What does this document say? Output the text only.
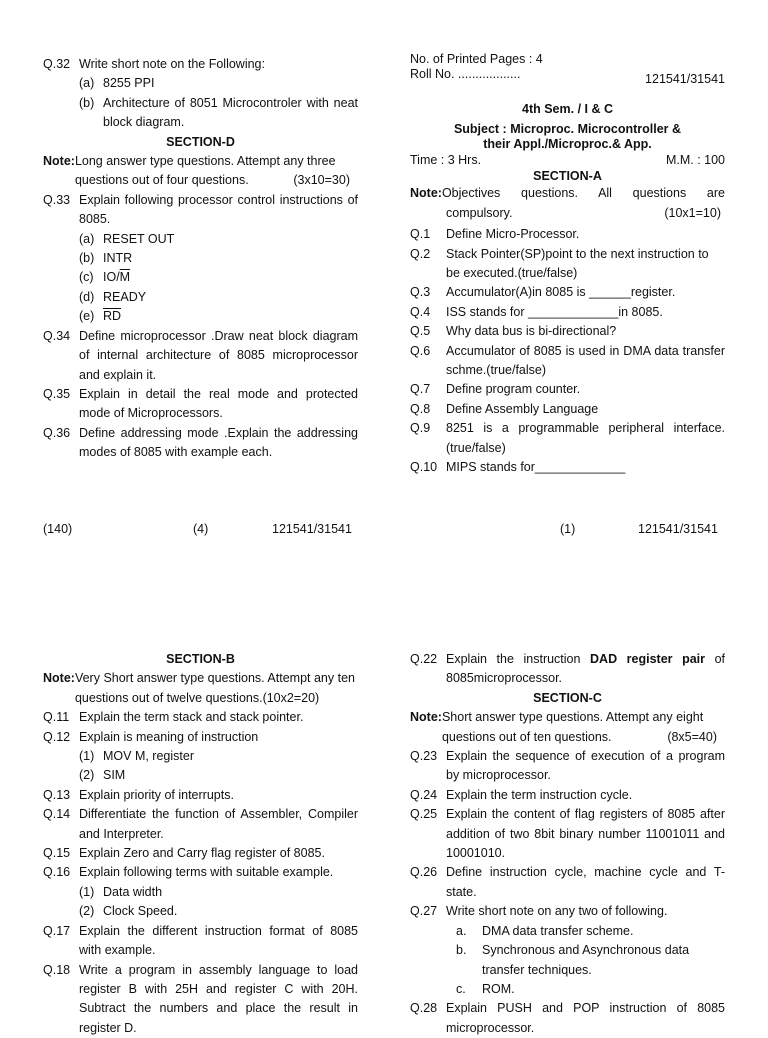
Q.32 Write short note on the Following:
(a) 8255 PPI
(b) Architecture of 8051 Microcontroler with neat block diagram.
SECTION-D
Note: Long answer type questions. Attempt any three questions out of four questions.	(3x10=30)
Q.33 Explain following processor control instructions of 8085.
(a) RESET OUT
(b) INTR
(c) $IO/\overline{M}$
(d) READY
(e) $\overline{RD}$
Q.34 Define microprocessor .Draw neat block diagram of internal architecture of 8085 microprocessor and explain it.
Q.35 Explain in detail the real mode and protected mode of Microprocessors.
Q.36 Define addressing mode .Explain the addressing modes of 8085 with example each.
(140)	(4)	121541/31541
No. of Printed Pages : 4
Roll No. ..................	121541/31541
4th Sem. / I & C
Subject : Microproc. Microcontroller &
their Appl./Microproc.& App.
Time : 3 Hrs.	M.M. : 100
SECTION-A
Note: Objectives questions. All questions are
compulsory.	(10x1=10)
Q.1	Define Micro-Processor.
Q.2	Stack Pointer(SP)point to the next instruction to be executed.(true/false)
Q.3	Accumulator(A)in 8085 is ______register.
Q.4	ISS stands for _____________in 8085.
Q.5	Why data bus is bi-directional?
Q.6	Accumulator of 8085 is used in DMA data transfer schme.(true/false)
Q.7	Define program counter.
Q.8	Define Assembly Language
Q.9	8251 is a programmable peripheral interface.(true/false)
Q.10 MIPS stands for_____________
(1)	121541/31541
SECTION-B
Note: Very Short answer type questions. Attempt any ten questions out of twelve questions.(10x2=20)
Q.11 Explain the term stack and stack pointer.
Q.12 Explain is meaning of instruction
(1) MOV M, register
(2) SIM
Q.13 Explain priority of interrupts.
Q.14 Differentiate the function of Assembler, Compiler and Interpreter.
Q.15 Explain Zero and Carry flag register of 8085.
Q.16 Explain following terms with suitable example.
(1) Data width
(2) Clock Speed.
Q.17 Explain the different instruction format of 8085 with example.
Q.18 Write a program in assembly language to load register B with 25H and register C with 20H. Subtract the numbers and place the result in register D.
Q.22 Explain the instruction DAD register pair of 8085microprocessor.
SECTION-C
Note: Short answer type questions. Attempt any eight questions out of ten questions.	(8x5=40)
Q.23 Explain the sequence of execution of a program by microprocessor.
Q.24 Explain the term instruction cycle.
Q.25 Explain the content of flag registers of 8085 after addition of two 8bit binary number 11001011 and 10001010.
Q.26 Define instruction cycle, machine cycle and T-state.
Q.27 Write short note on any two of following.
a.	DMA data transfer scheme.
b.	Synchronous and Asynchronous data transfer techniques.
c.	ROM.
Q.28 Explain PUSH and POP instruction of 8085 microprocessor.
